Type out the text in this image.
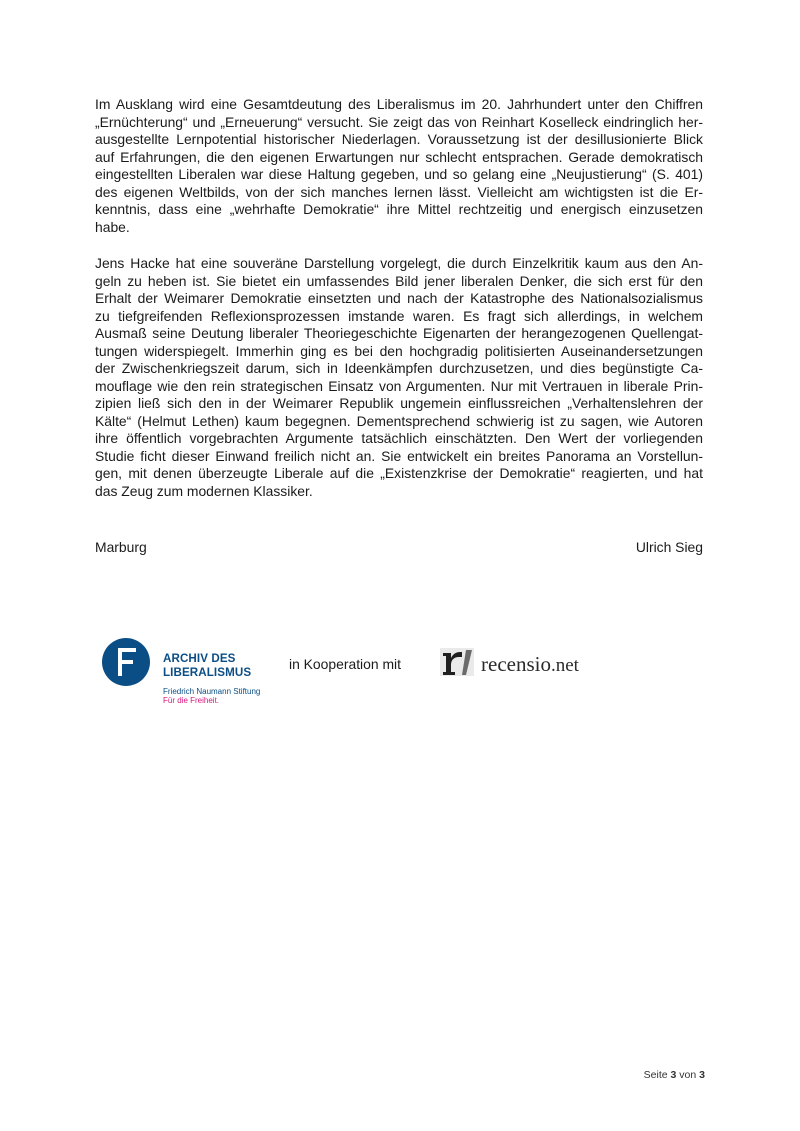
Im Ausklang wird eine Gesamtdeutung des Liberalismus im 20. Jahrhundert unter den Chiffren

„Ernüchterung“ und „Erneuerung“ versucht. Sie zeigt das von Reinhart Koselleck eindringlich her-

ausgestellte Lernpotential historischer Niederlagen. Voraussetzung ist der desillusionierte Blick

auf Erfahrungen, die den eigenen Erwartungen nur schlecht entsprachen. Gerade demokratisch

eingestellten Liberalen war diese Haltung gegeben, und so gelang eine „Neujustierung“ (S. 401)

des eigenen Weltbilds, von der sich manches lernen lässt. Vielleicht am wichtigsten ist die Er-

kenntnis, dass eine „wehrhafte Demokratie“ ihre Mittel rechtzeitig und energisch einzusetzen

habe.

Jens Hacke hat eine souveräne Darstellung vorgelegt, die durch Einzelkritik kaum aus den An-

geln zu heben ist. Sie bietet ein umfassendes Bild jener liberalen Denker, die sich erst für den

Erhalt der Weimarer Demokratie einsetzten und nach der Katastrophe des Nationalsozialismus

zu tiefgreifenden Reflexionsprozessen imstande waren. Es fragt sich allerdings, in welchem

Ausmaß seine Deutung liberaler Theoriegeschichte Eigenarten der herangezogenen Quellengat-

tungen widerspiegelt. Immerhin ging es bei den hochgradig politisierten Auseinandersetzungen

der Zwischenkriegszeit darum, sich in Ideenkämpfen durchzusetzen, und dies begünstigte Ca-

mouflage wie den rein strategischen Einsatz von Argumenten. Nur mit Vertrauen in liberale Prin-

zipien ließ sich den in der Weimarer Republik ungemein einflussreichen „Verhaltenslehren der

Kälte“ (Helmut Lethen) kaum begegnen. Dementsprechend schwierig ist zu sagen, wie Autoren

ihre öffentlich vorgebrachten Argumente tatsächlich einschätzten. Den Wert der vorliegenden

Studie ficht dieser Einwand freilich nicht an. Sie entwickelt ein breites Panorama an Vorstellun-

gen, mit denen überzeugte Liberale auf die „Existenzkrise der Demokratie“ reagierten, und hat

das Zeug zum modernen Klassiker.

Marburg	Ulrich Sieg
ARCHIV DES
LIBERALISMUS
Friedrich Naumann Stiftung
Für die Freiheit.
in Kooperation mit	recensio.net
Seite 3 von 3
